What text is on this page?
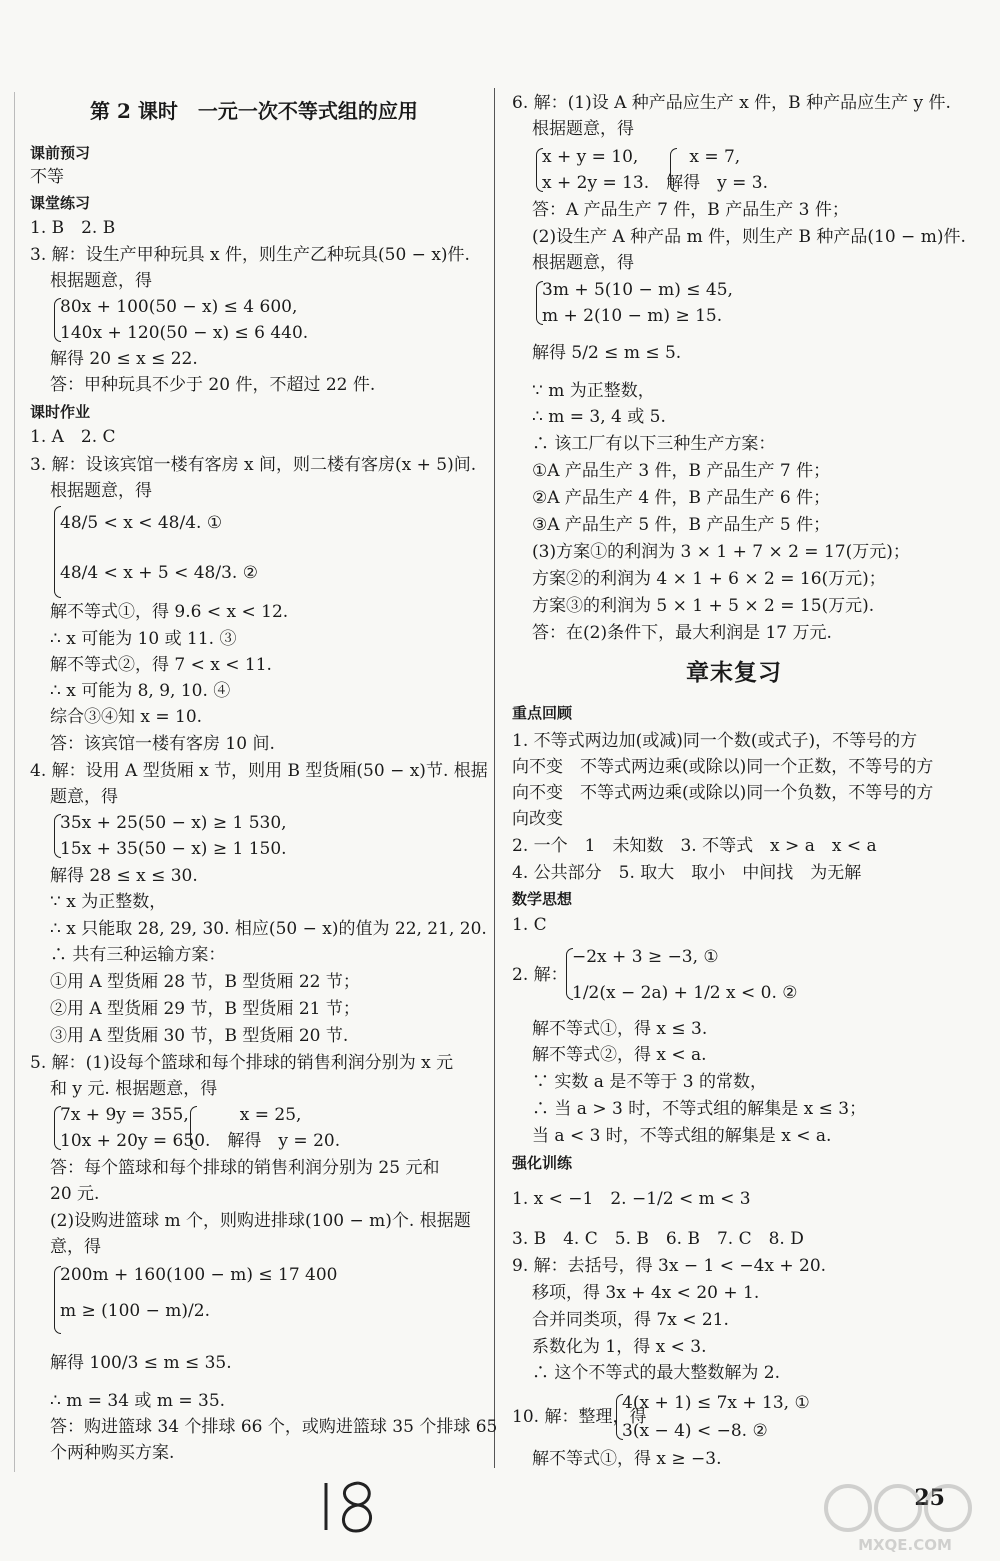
第 2 课时　一元一次不等式组的应用
课前预习
不等
课堂练习
1. B　2. B
3. 解：设生产甲种玩具 x 件，则生产乙种玩具(50 − x)件.
根据题意，得
80x + 100(50 − x) ≤ 4 600,
140x + 120(50 − x) ≤ 6 440.
解得 20 ≤ x ≤ 22.
答：甲种玩具不少于 20 件，不超过 22 件.
课时作业
1. A　2. C
3. 解：设该宾馆一楼有客房 x 间，则二楼有客房(x + 5)间.
根据题意，得
48/5 < x < 48/4. ①
48/4 < x + 5 < 48/3. ②
解不等式①，得 9.6 < x < 12.
∴ x 可能为 10 或 11. ③
解不等式②，得 7 < x < 11.
∴ x 可能为 8, 9, 10. ④
综合③④知 x = 10.
答：该宾馆一楼有客房 10 间.
4. 解：设用 A 型货厢 x 节，则用 B 型货厢(50 − x)节. 根据
题意，得
35x + 25(50 − x) ≥ 1 530,
15x + 35(50 − x) ≥ 1 150.
解得 28 ≤ x ≤ 30.
∵ x 为正整数，
∴ x 只能取 28, 29, 30. 相应(50 − x)的值为 22, 21, 20.
∴ 共有三种运输方案：
①用 A 型货厢 28 节，B 型货厢 22 节；
②用 A 型货厢 29 节，B 型货厢 21 节；
③用 A 型货厢 30 节，B 型货厢 20 节.
5. 解：(1)设每个篮球和每个排球的销售利润分别为 x 元
和 y 元. 根据题意，得
7x + 9y = 355,　　　x = 25,
10x + 20y = 650.　解得　y = 20.
答：每个篮球和每个排球的销售利润分别为 25 元和
20 元.
(2)设购进篮球 m 个，则购进排球(100 − m)个. 根据题
意，得
200m + 160(100 − m) ≤ 17 400
m ≥ (100 − m)/2.
解得 100/3 ≤ m ≤ 35.
∴ m = 34 或 m = 35.
答：购进篮球 34 个排球 66 个，或购进篮球 35 个排球 65
个两种购买方案.
6. 解：(1)设 A 种产品应生产 x 件，B 种产品应生产 y 件.
根据题意，得
x + y = 10,　　　x = 7,
x + 2y = 13.　解得　y = 3.
答：A 产品生产 7 件，B 产品生产 3 件；
(2)设生产 A 种产品 m 件，则生产 B 种产品(10 − m)件.
根据题意，得
3m + 5(10 − m) ≤ 45,
m + 2(10 − m) ≥ 15.
解得 5/2 ≤ m ≤ 5.
∵ m 为正整数，
∴ m = 3, 4 或 5.
∴ 该工厂有以下三种生产方案：
①A 产品生产 3 件，B 产品生产 7 件；
②A 产品生产 4 件，B 产品生产 6 件；
③A 产品生产 5 件，B 产品生产 5 件；
(3)方案①的利润为 3 × 1 + 7 × 2 = 17(万元)；
方案②的利润为 4 × 1 + 6 × 2 = 16(万元)；
方案③的利润为 5 × 1 + 5 × 2 = 15(万元).
答：在(2)条件下，最大利润是 17 万元.
章末复习
重点回顾
1. 不等式两边加(或减)同一个数(或式子)，不等号的方
向不变　不等式两边乘(或除以)同一个正数，不等号的方
向不变　不等式两边乘(或除以)同一个负数，不等号的方
向改变
2. 一个　1　未知数　3. 不等式　x > a　x < a
4. 公共部分　5. 取大　取小　中间找　为无解
数学思想
1. C
−2x + 3 ≥ −3, ①
2. 解：
1/2(x − 2a) + 1/2 x < 0. ②
解不等式①，得 x ≤ 3.
解不等式②，得 x < a.
∵ 实数 a 是不等于 3 的常数，
∴ 当 a > 3 时，不等式组的解集是 x ≤ 3；
当 a < 3 时，不等式组的解集是 x < a.
强化训练
1. x < −1　2. −1/2 < m < 3
3. B　4. C　5. B　6. B　7. C　8. D
9. 解：去括号，得 3x − 1 < −4x + 20.
移项，得 3x + 4x < 20 + 1.
合并同类项，得 7x < 21.
系数化为 1，得 x < 3.
∴ 这个不等式的最大整数解为 2.
4(x + 1) ≤ 7x + 13, ①
10. 解：整理，得
3(x − 4) < −8. ②
解不等式①，得 x ≥ −3.
25
MXQE.COM
